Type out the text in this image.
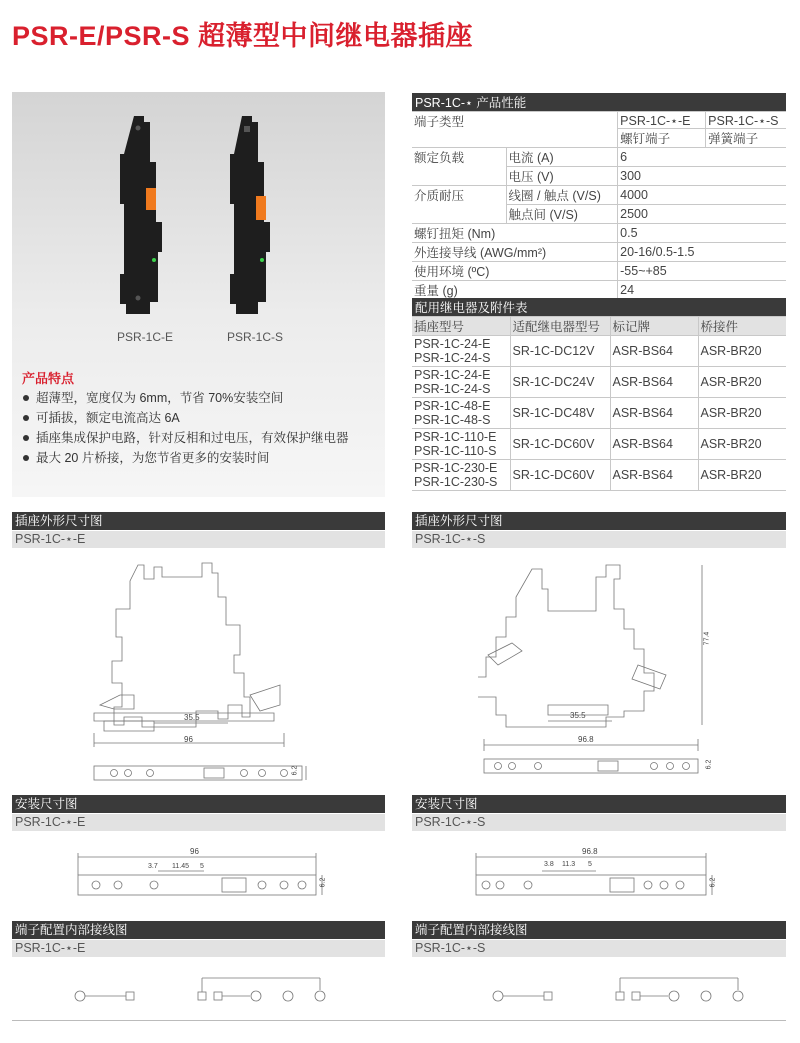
PSR-E/PSR-S 超薄型中间继电器插座
PSR-1C-E	PSR-1C-S
产品特点
超薄型，宽度仅为 6mm，节省 70%安装空间
可插拔，额定电流高达 6A
插座集成保护电路，针对反相和过电压，有效保护继电器
最大 20 片桥接，为您节省更多的安装时间
PSR-1C-⋆ 产品性能			
端子类型		PSR-1C-⋆-E	PSR-1C-⋆-S
		螺钉端子	弹簧端子
额定负载	电流 (A)	6	
	电压 (V)	300	
介质耐压	线圈 / 触点 (V/S)	4000	
	触点间 (V/S)	2500	
螺钉扭矩 (Nm)		0.5	
外连接导线 (AWG/mm²)		20-16/0.5-1.5	
使用环境 (ºC)		-55~+85	
重量 (g)		24	
配用继电器及附件表			
插座型号	适配继电器型号	标记牌	桥接件

PSR-1C-24-E
PSR-1C-24-S	SR-1C-DC12V	ASR-BS64	ASR-BR20

PSR-1C-24-E
PSR-1C-24-S	SR-1C-DC24V	ASR-BS64	ASR-BR20

PSR-1C-48-E
PSR-1C-48-S	SR-1C-DC48V	ASR-BS64	ASR-BR20

PSR-1C-110-E
PSR-1C-110-S	SR-1C-DC60V	ASR-BS64	ASR-BR20

PSR-1C-230-E
PSR-1C-230-S	SR-1C-DC60V	ASR-BS64	ASR-BR20
插座外形尺寸图
PSR-1C-⋆-E
插座外形尺寸图
PSR-1C-⋆-S
35.5
96
6.2
77.4
35.5
96.8
6.2
安装尺寸图
PSR-1C-⋆-E
安装尺寸图
PSR-1C-⋆-S
96
3.7 11.45 5
6.2
96.8
3.8 11.3 5
6.2
端子配置内部接线图
PSR-1C-⋆-E
端子配置内部接线图
PSR-1C-⋆-S
